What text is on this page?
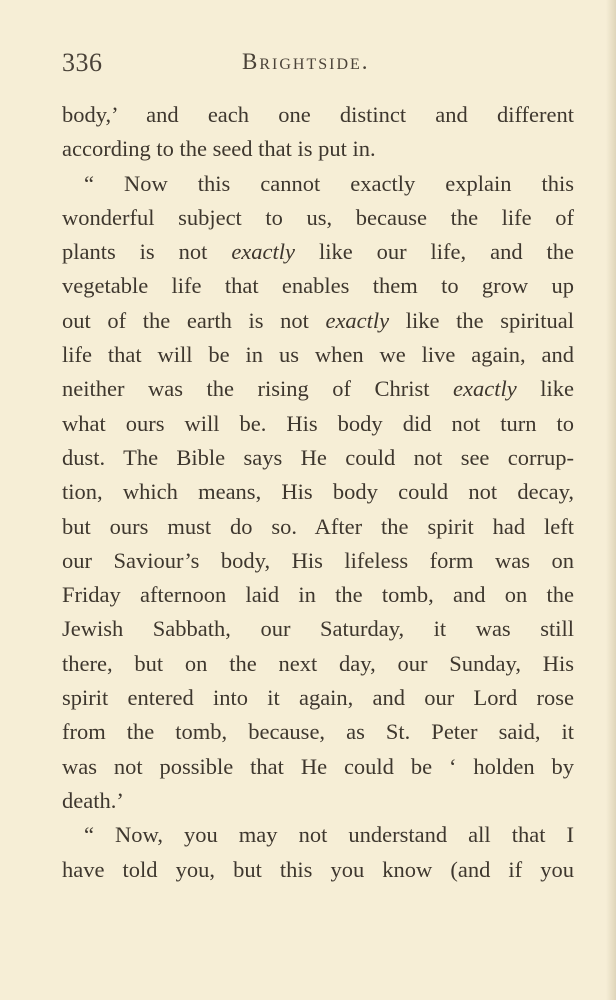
336	Brightside.
body,’ and each one distinct and different
according to the seed that is put in.
“ Now this cannot exactly explain this
wonderful subject to us, because the life of
plants is not exactly like our life, and the
vegetable life that enables them to grow up
out of the earth is not exactly like the spiritual
life that will be in us when we live again, and
neither was the rising of Christ exactly like
what ours will be. His body did not turn to
dust. The Bible says He could not see corrup-
tion, which means, His body could not decay,
but ours must do so. After the spirit had left
our Saviour’s body, His lifeless form was on
Friday afternoon laid in the tomb, and on the
Jewish Sabbath, our Saturday, it was still
there, but on the next day, our Sunday, His
spirit entered into it again, and our Lord rose
from the tomb, because, as St. Peter said, it
was not possible that He could be ‘ holden by
death.’
“ Now, you may not understand all that I
have told you, but this you know (and if you
